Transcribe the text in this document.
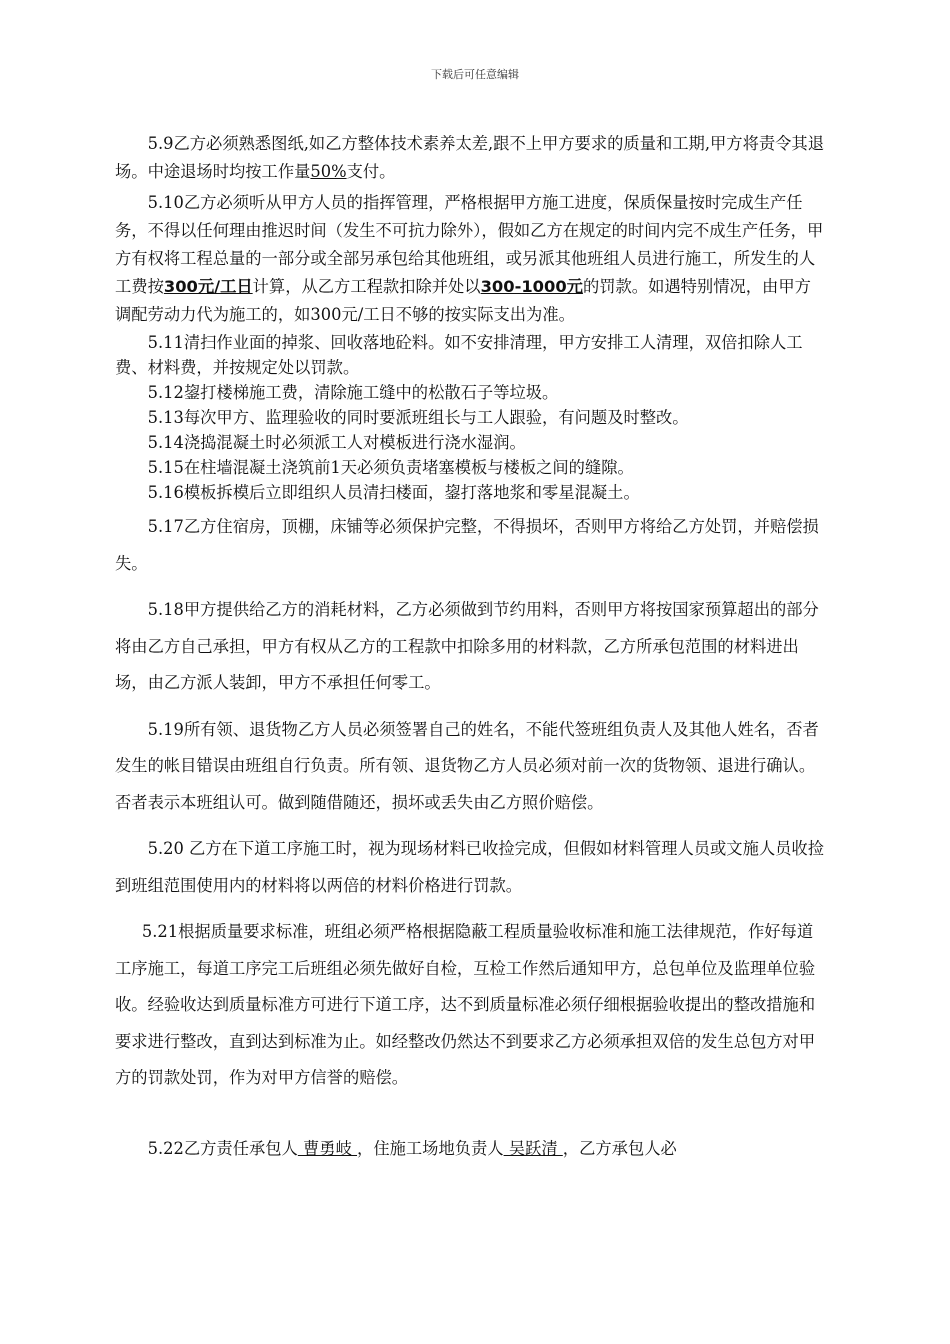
下载后可任意编辑

5.9乙方必须熟悉图纸,如乙方整体技术素养太差,跟不上甲方要求的质量和工期,甲方将责令其退场。中途退场时均按工作量50%支付。

5.10乙方必须听从甲方人员的指挥管理，严格根据甲方施工进度，保质保量按时完成生产任务，不得以任何理由推迟时间（发生不可抗力除外），假如乙方在规定的时间内完不成生产任务，甲方有权将工程总量的一部分或全部另承包给其他班组，或另派其他班组人员进行施工，所发生的人工费按300元/工日计算，从乙方工程款扣除并处以300-1000元的罚款。如遇特别情况，由甲方调配劳动力代为施工的，如300元/工日不够的按实际支出为准。

5.11清扫作业面的掉浆、回收落地砼料。如不安排清理，甲方安排工人清理，双倍扣除人工费、材料费，并按规定处以罚款。

5.12鋆打楼梯施工费，清除施工缝中的松散石子等垃圾。

5.13每次甲方、监理验收的同时要派班组长与工人跟验，有问题及时整改。

5.14浇捣混凝土时必须派工人对模板进行浇水湿润。

5.15在柱墙混凝土浇筑前1天必须负责堵塞模板与楼板之间的缝隙。

5.16模板拆模后立即组织人员清扫楼面，鋆打落地浆和零星混凝土。

5.17乙方住宿房，顶棚，床铺等必须保护完整，不得损坏，否则甲方将给乙方处罚，并赔偿损失。

5.18甲方提供给乙方的消耗材料，乙方必须做到节约用料，否则甲方将按国家预算超出的部分将由乙方自己承担，甲方有权从乙方的工程款中扣除多用的材料款，乙方所承包范围的材料进出场，由乙方派人装卸，甲方不承担任何零工。

5.19所有领、退货物乙方人员必须签署自己的姓名，不能代签班组负责人及其他人姓名，否者发生的帐目错误由班组自行负责。所有领、退货物乙方人员必须对前一次的货物领、退进行确认。否者表示本班组认可。做到随借随还，损坏或丢失由乙方照价赔偿。

5.20 乙方在下道工序施工时，视为现场材料已收捡完成，但假如材料管理人员或文施人员收捡到班组范围使用内的材料将以两倍的材料价格进行罚款。

5.21根据质量要求标准，班组必须严格根据隐蔽工程质量验收标准和施工法律规范，作好每道工序施工，每道工序完工后班组必须先做好自检，互检工作然后通知甲方，总包单位及监理单位验收。经验收达到质量标准方可进行下道工序，达不到质量标准必须仔细根据验收提出的整改措施和要求进行整改，直到达到标准为止。如经整改仍然达不到要求乙方必须承担双倍的发生总包方对甲方的罚款处罚，作为对甲方信誉的赔偿。

5.22乙方责任承包人 曹勇岐 ，住施工场地负责人 吴跃清 ，乙方承包人必
